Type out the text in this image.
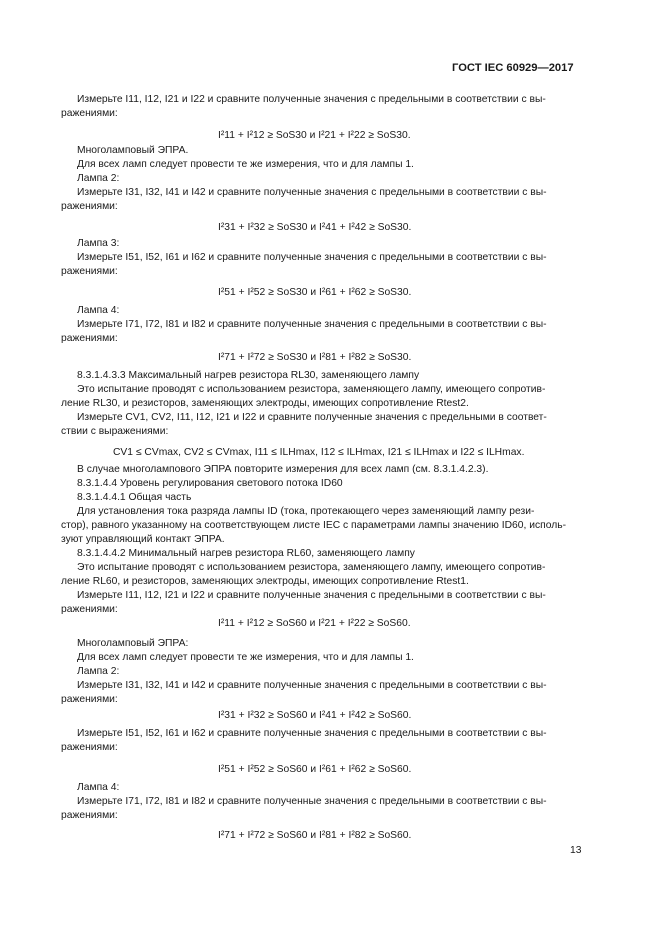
ГОСТ IEC 60929—2017
Измерьте I11, I12, I21 и I22 и сравните полученные значения с предельными в соответствии с вы-
ражениями:
I²11 + I²12 ≥ SoS30 и I²21 + I²22 ≥ SoS30.
Многоламповый ЭПРА.
Для всех ламп следует провести те же измерения, что и для лампы 1.
Лампа 2:
Измерьте I31, I32, I41 и I42 и сравните полученные значения с предельными в соответствии с вы-
ражениями:
I²31 + I²32 ≥ SoS30 и I²41 + I²42 ≥ SoS30.
Лампа 3:
Измерьте I51, I52, I61 и I62 и сравните полученные значения с предельными в соответствии с вы-
ражениями:
I²51 + I²52 ≥ SoS30 и I²61 + I²62 ≥ SoS30.
Лампа 4:
Измерьте I71, I72, I81 и I82 и сравните полученные значения с предельными в соответствии с вы-
ражениями:
I²71 + I²72 ≥ SoS30 и I²81 + I²82 ≥ SoS30.
8.3.1.4.3.3 Максимальный нагрев резистора RL30, заменяющего лампу
Это испытание проводят с использованием резистора, заменяющего лампу, имеющего сопротив-
ление RL30, и резисторов, заменяющих электроды, имеющих сопротивление Rtest2.
Измерьте CV1, CV2, I11, I12, I21 и I22 и сравните полученные значения с предельными в соответ-
ствии с выражениями:
CV1 ≤ CVmax, CV2 ≤ CVmax, I11 ≤ ILHmax, I12 ≤ ILHmax, I21 ≤ ILHmax и I22 ≤ ILHmax.
В случае многолампового ЭПРА повторите измерения для всех ламп (см. 8.3.1.4.2.3).
8.3.1.4.4 Уровень регулирования светового потока ID60
8.3.1.4.4.1 Общая часть
Для установления тока разряда лампы ID (тока, протекающего через заменяющий лампу рези-
стор), равного указанному на соответствующем листе IEC с параметрами лампы значению ID60, исполь-
зуют управляющий контакт ЭПРА.
8.3.1.4.4.2 Минимальный нагрев резистора RL60, заменяющего лампу
Это испытание проводят с использованием резистора, заменяющего лампу, имеющего сопротив-
ление RL60, и резисторов, заменяющих электроды, имеющих сопротивление Rtest1.
Измерьте I11, I12, I21 и I22 и сравните полученные значения с предельными в соответствии с вы-
ражениями:
I²11 + I²12 ≥ SoS60 и I²21 + I²22 ≥ SoS60.
Многоламповый ЭПРА:
Для всех ламп следует провести те же измерения, что и для лампы 1.
Лампа 2:
Измерьте I31, I32, I41 и I42 и сравните полученные значения с предельными в соответствии с вы-
ражениями:
I²31 + I²32 ≥ SoS60 и I²41 + I²42 ≥ SoS60.
Измерьте I51, I52, I61 и I62 и сравните полученные значения с предельными в соответствии с вы-
ражениями:
I²51 + I²52 ≥ SoS60 и I²61 + I²62 ≥ SoS60.
Лампа 4:
Измерьте I71, I72, I81 и I82 и сравните полученные значения с предельными в соответствии с вы-
ражениями:
I²71 + I²72 ≥ SoS60 и I²81 + I²82 ≥ SoS60.
13
